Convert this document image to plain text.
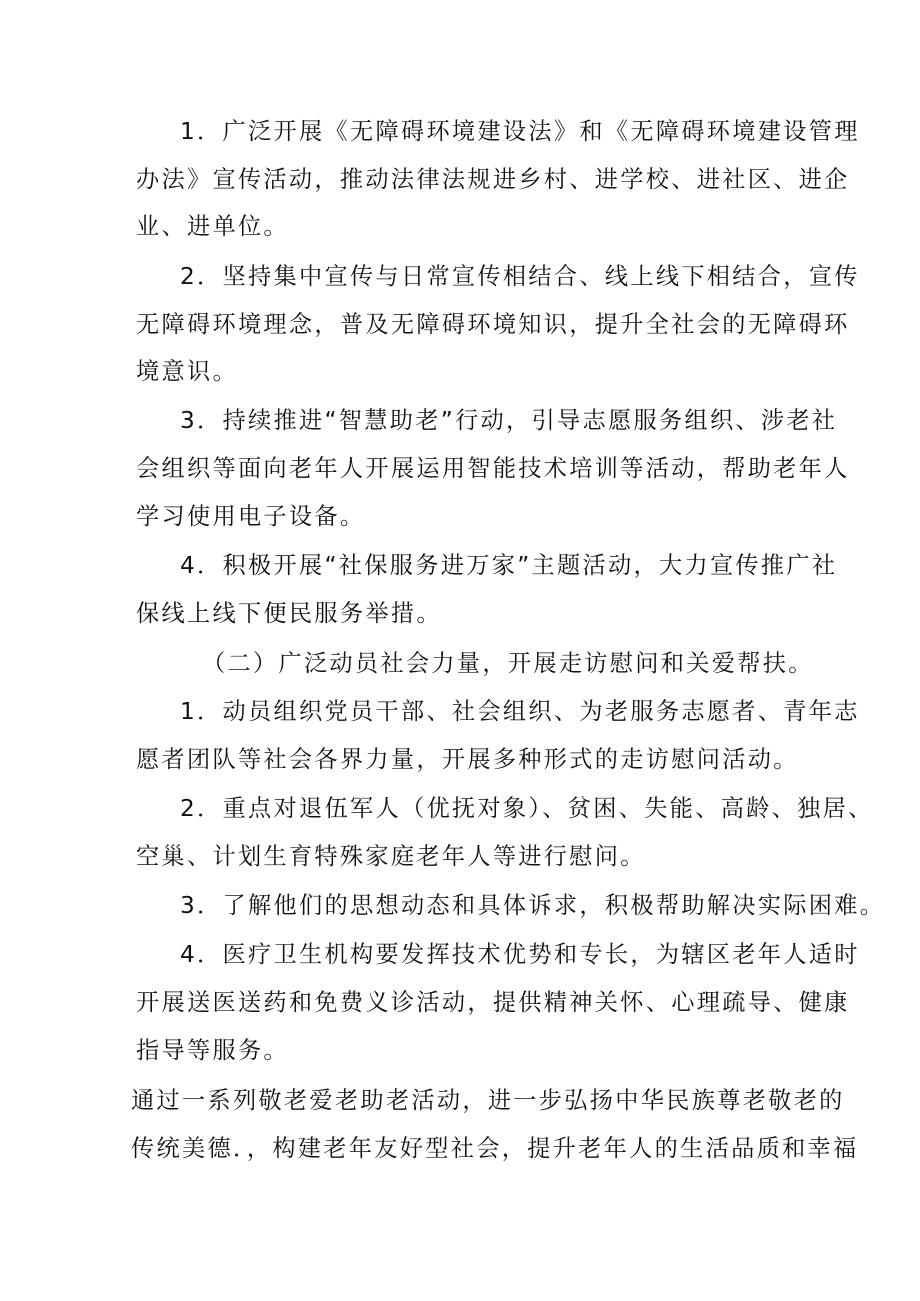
1．广泛开展《无障碍环境建设法》和《无障碍环境建设管理
办法》宣传活动，推动法律法规进乡村、进学校、进社区、进企
业、进单位。
2．坚持集中宣传与日常宣传相结合、线上线下相结合，宣传
无障碍环境理念，普及无障碍环境知识，提升全社会的无障碍环
境意识。
3．持续推进“智慧助老”行动，引导志愿服务组织、涉老社
会组织等面向老年人开展运用智能技术培训等活动，帮助老年人
学习使用电子设备。
4．积极开展“社保服务进万家”主题活动，大力宣传推广社
保线上线下便民服务举措。
（二）广泛动员社会力量，开展走访慰问和关爱帮扶。
1．动员组织党员干部、社会组织、为老服务志愿者、青年志
愿者团队等社会各界力量，开展多种形式的走访慰问活动。
2．重点对退伍军人（优抚对象）、贫困、失能、高龄、独居、
空巢、计划生育特殊家庭老年人等进行慰问。
3．了解他们的思想动态和具体诉求，积极帮助解决实际困难。
4．医疗卫生机构要发挥技术优势和专长，为辖区老年人适时
开展送医送药和免费义诊活动，提供精神关怀、心理疏导、健康
指导等服务。
通过一系列敬老爱老助老活动，进一步弘扬中华民族尊老敬老的
传统美德．，构建老年友好型社会，提升老年人的生活品质和幸福
